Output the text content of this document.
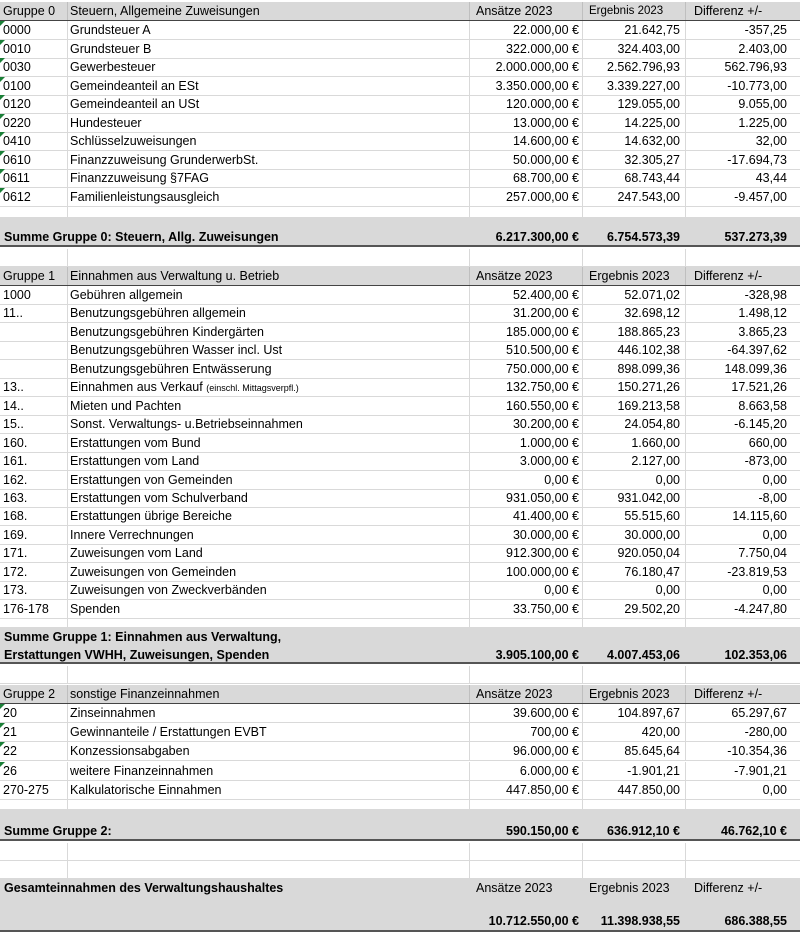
Gruppe 0	Steuern, Allgemeine Zuweisungen	Ansätze 2023	Ergebnis 2023	Differenz +/-
0000	Grundsteuer A	22.000,00 €	21.642,75	-357,25
0010	Grundsteuer B	322.000,00 €	324.403,00	2.403,00
0030	Gewerbesteuer	2.000.000,00 €	2.562.796,93	562.796,93
0100	Gemeindeanteil an ESt	3.350.000,00 €	3.339.227,00	-10.773,00
0120	Gemeindeanteil an USt	120.000,00 €	129.055,00	9.055,00
0220	Hundesteuer	13.000,00 €	14.225,00	1.225,00
0410	Schlüsselzuweisungen	14.600,00 €	14.632,00	32,00
0610	Finanzzuweisung GrunderwerbSt.	50.000,00 €	32.305,27	-17.694,73
0611	Finanzzuweisung §7FAG	68.700,00 €	68.743,44	43,44
0612	Familienleistungsausgleich	257.000,00 €	247.543,00	-9.457,00
Summe Gruppe 0: Steuern, Allg. Zuweisungen	6.217.300,00 €	6.754.573,39	537.273,39
Gruppe 1	Einnahmen aus Verwaltung u. Betrieb	Ansätze 2023	Ergebnis 2023	Differenz +/-
1000	Gebühren allgemein	52.400,00 €	52.071,02	-328,98
11..	Benutzungsgebühren allgemein	31.200,00 €	32.698,12	1.498,12
Benutzungsgebühren Kindergärten	185.000,00 €	188.865,23	3.865,23
Benutzungsgebühren Wasser incl. Ust	510.500,00 €	446.102,38	-64.397,62
Benutzungsgebühren Entwässerung	750.000,00 €	898.099,36	148.099,36
13..	Einnahmen aus Verkauf (einschl. Mittagsverpfl.)	132.750,00 €	150.271,26	17.521,26
14..	Mieten und Pachten	160.550,00 €	169.213,58	8.663,58
15..	Sonst. Verwaltungs- u.Betriebseinnahmen	30.200,00 €	24.054,80	-6.145,20
160.	Erstattungen vom Bund	1.000,00 €	1.660,00	660,00
161.	Erstattungen vom Land	3.000,00 €	2.127,00	-873,00
162.	Erstattungen von Gemeinden	0,00 €	0,00	0,00
163.	Erstattungen vom Schulverband	931.050,00 €	931.042,00	-8,00
168.	Erstattungen übrige Bereiche	41.400,00 €	55.515,60	14.115,60
169.	Innere Verrechnungen	30.000,00 €	30.000,00	0,00
171.	Zuweisungen vom Land	912.300,00 €	920.050,04	7.750,04
172.	Zuweisungen von Gemeinden	100.000,00 €	76.180,47	-23.819,53
173.	Zuweisungen von Zweckverbänden	0,00 €	0,00	0,00
176-178	Spenden	33.750,00 €	29.502,20	-4.247,80
Summe Gruppe 1: Einnahmen aus Verwaltung,
Erstattungen VWHH, Zuweisungen, Spenden	3.905.100,00 €	4.007.453,06	102.353,06
Gruppe 2	sonstige Finanzeinnahmen	Ansätze 2023	Ergebnis 2023	Differenz +/-
20	Zinseinnahmen	39.600,00 €	104.897,67	65.297,67
21	Gewinnanteile / Erstattungen EVBT	700,00 €	420,00	-280,00
22	Konzessionsabgaben	96.000,00 €	85.645,64	-10.354,36
26	weitere Finanzeinnahmen	6.000,00 €	-1.901,21	-7.901,21
270-275	Kalkulatorische Einnahmen	447.850,00 €	447.850,00	0,00
Summe Gruppe 2:	590.150,00 €	636.912,10 €	46.762,10 €
Gesamteinnahmen des Verwaltungshaushaltes	Ansätze 2023	Ergebnis 2023	Differenz +/-
10.712.550,00 €	11.398.938,55	686.388,55
